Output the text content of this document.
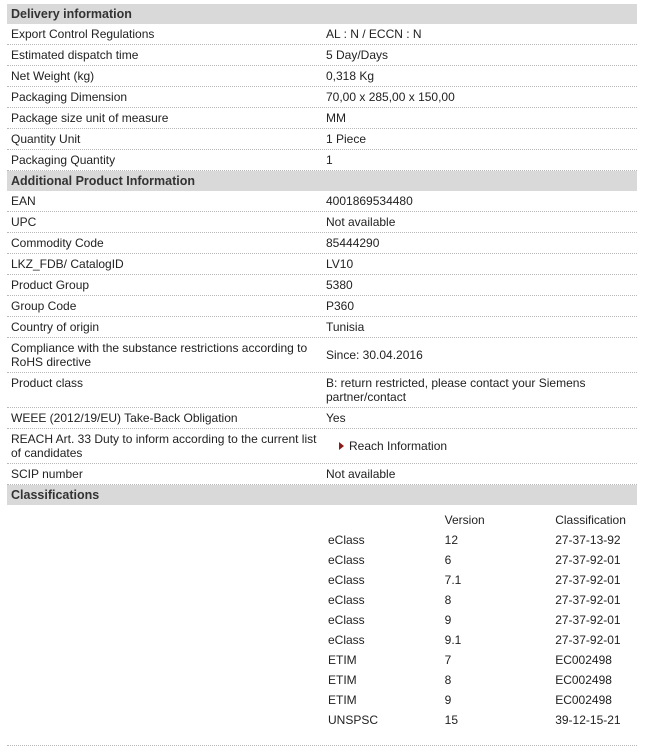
Delivery information
Export Control Regulations	AL : N / ECCN : N
Estimated dispatch time	5 Day/Days
Net Weight (kg)	0,318 Kg
Packaging Dimension	70,00 x 285,00 x 150,00
Package size unit of measure	MM
Quantity Unit	1 Piece
Packaging Quantity	1
Additional Product Information
EAN	4001869534480
UPC	Not available
Commodity Code	85444290
LKZ_FDB/ CatalogID	LV10
Product Group	5380
Group Code	P360
Country of origin	Tunisia
Compliance with the substance restrictions according to RoHS directive	Since: 30.04.2016
Product class	B: return restricted, please contact your Siemens partner/contact
WEEE (2012/19/EU) Take-Back Obligation	Yes
REACH Art. 33 Duty to inform according to the current list of candidates	Reach Information
SCIP number	Not available
Classifications
	Version	Classification
eClass	12	27-37-13-92
eClass	6	27-37-92-01
eClass	7.1	27-37-92-01
eClass	8	27-37-92-01
eClass	9	27-37-92-01
eClass	9.1	27-37-92-01
ETIM	7	EC002498
ETIM	8	EC002498
ETIM	9	EC002498
UNSPSC	15	39-12-15-21
